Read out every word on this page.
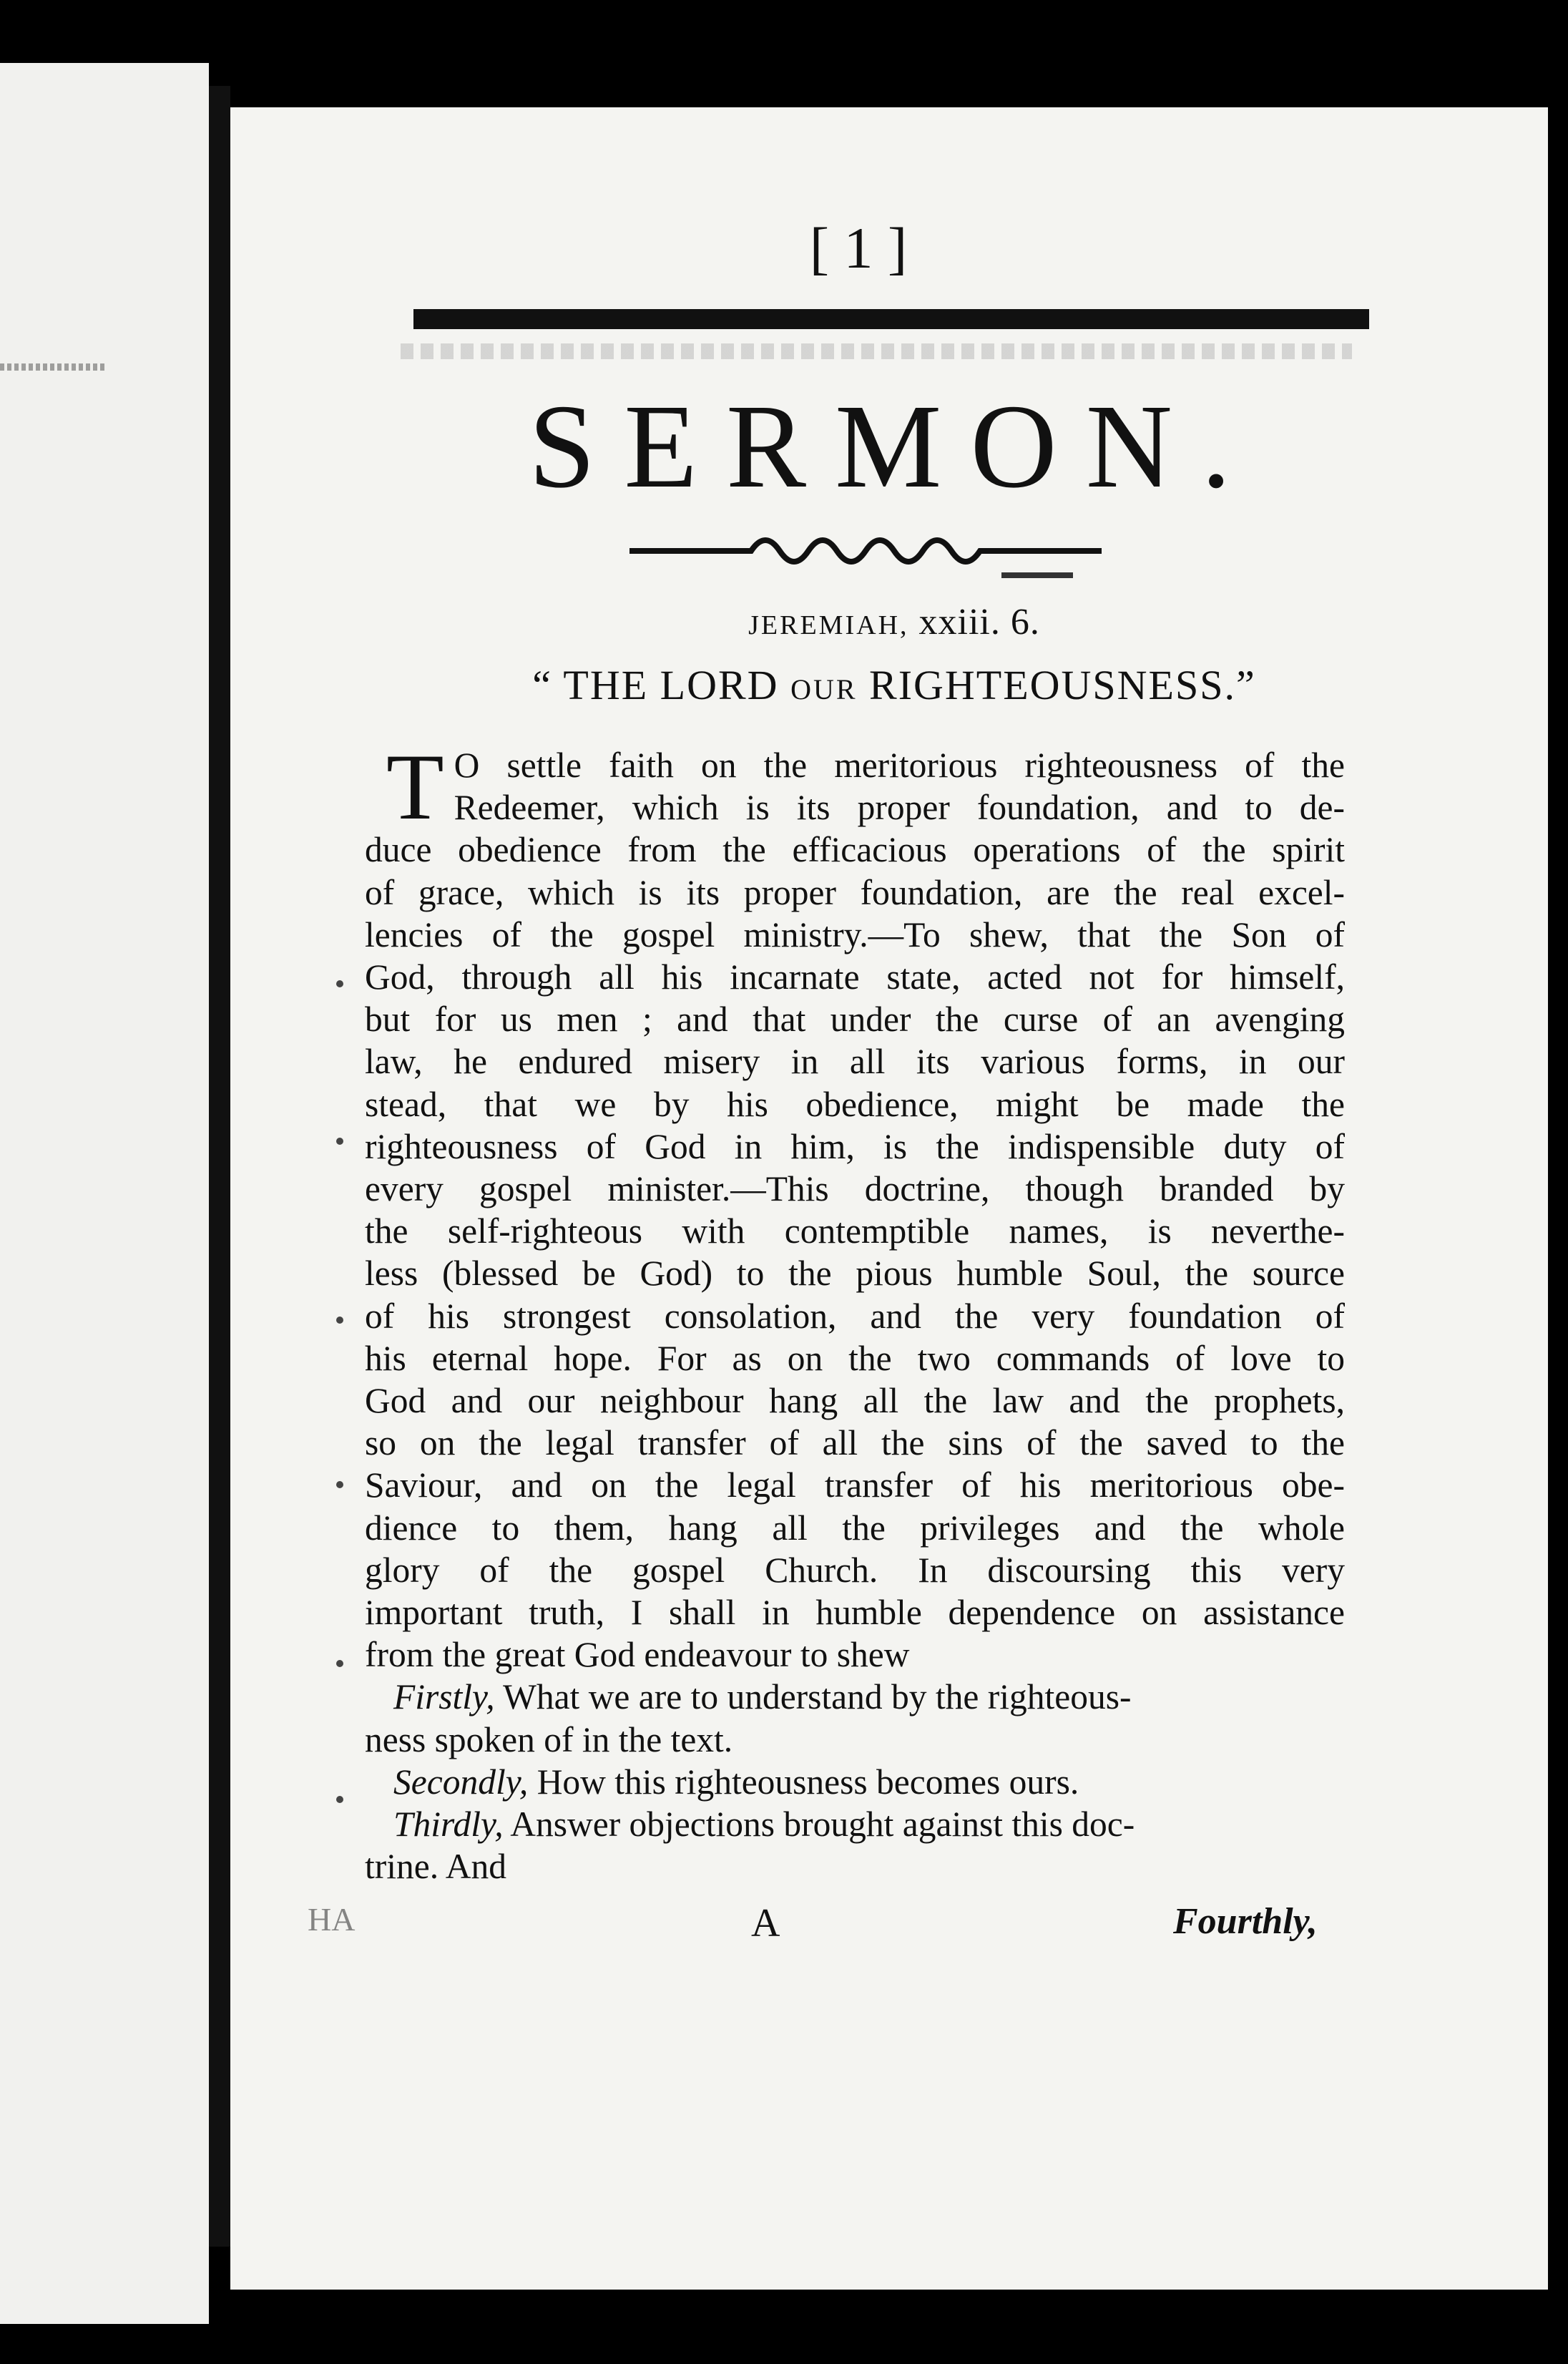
[ 1 ]
SERMON.
JEREMIAH, xxiii. 6.
“ THE LORD OUR RIGHTEOUSNESS.”
T O settle faith on the meritorious righteousness of the
Redeemer, which is its proper foundation, and to de-
duce obedience from the efficacious operations of the spirit
of grace, which is its proper foundation, are the real excel-
lencies of the gospel ministry.—To shew, that the Son of
God, through all his incarnate state, acted not for himself,
but for us men ; and that under the curse of an avenging
law, he endured misery in all its various forms, in our
stead, that we by his obedience, might be made the
righteousness of God in him, is the indispensible duty of
every gospel minister.—This doctrine, though branded by
the self-righteous with contemptible names, is neverthe-
less (blessed be God) to the pious humble Soul, the source
of his strongest consolation, and the very foundation of
his eternal hope. For as on the two commands of love to
God and our neighbour hang all the law and the prophets,
so on the legal transfer of all the sins of the saved to the
Saviour, and on the legal transfer of his meritorious obe-
dience to them, hang all the privileges and the whole
glory of the gospel Church. In discoursing this very
important truth, I shall in humble dependence on assistance
from the great God endeavour to shew
Firstly, What we are to understand by the righteous-
ness spoken of in the text.
Secondly, How this righteousness becomes ours.
Thirdly, Answer objections brought against this doc-
trine. And
HA	A	Fourthly,
